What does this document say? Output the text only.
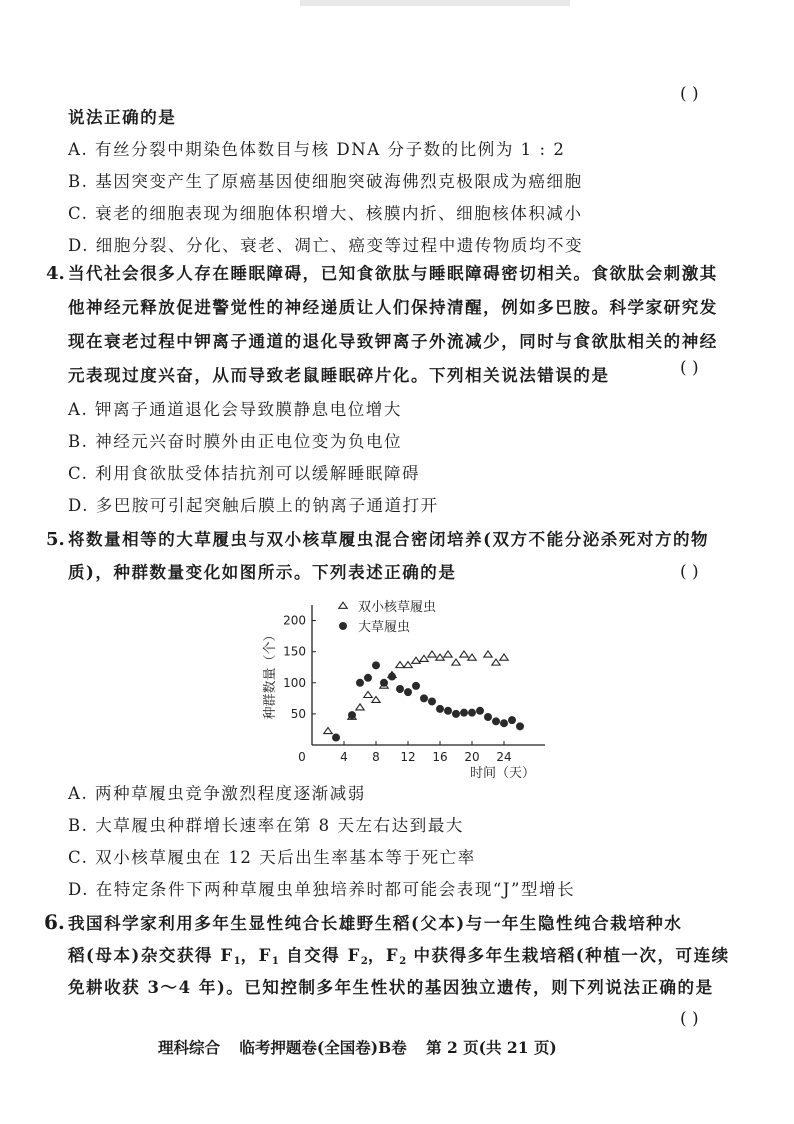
( )
说法正确的是
A. 有丝分裂中期染色体数目与核 DNA 分子数的比例为 1 : 2
B. 基因突变产生了原癌基因使细胞突破海佛烈克极限成为癌细胞
C. 衰老的细胞表现为细胞体积增大、核膜内折、细胞核体积减小
D. 细胞分裂、分化、衰老、凋亡、癌变等过程中遗传物质均不变
4. 当代社会很多人存在睡眠障碍，已知食欲肽与睡眠障碍密切相关。食欲肽会刺激其
他神经元释放促进警觉性的神经递质让人们保持清醒，例如多巴胺。科学家研究发
现在衰老过程中钾离子通道的退化导致钾离子外流减少，同时与食欲肽相关的神经
元表现过度兴奋，从而导致老鼠睡眠碎片化。下列相关说法错误的是	( )
A. 钾离子通道退化会导致膜静息电位增大
B. 神经元兴奋时膜外由正电位变为负电位
C. 利用食欲肽受体拮抗剂可以缓解睡眠障碍
D. 多巴胺可引起突触后膜上的钠离子通道打开
5. 将数量相等的大草履虫与双小核草履虫混合密闭培养(双方不能分泌杀死对方的物
质)，种群数量变化如图所示。下列表述正确的是	( )
4 8 12 16 20 24
0
50
100
150
200
时间（天）
种群数量（个）
双小核草履虫
大草履虫
A. 两种草履虫竞争激烈程度逐渐减弱
B. 大草履虫种群增长速率在第 8 天左右达到最大
C. 双小核草履虫在 12 天后出生率基本等于死亡率
D. 在特定条件下两种草履虫单独培养时都可能会表现“J”型增长
6. 我国科学家利用多年生显性纯合长雄野生稻(父本)与一年生隐性纯合栽培种水
稻(母本)杂交获得 $F_1$，$F_1$ 自交得 $F_2$，$F_2$ 中获得多年生栽培稻(种植一次，可连续
免耕收获 3～4 年)。已知控制多年生性状的基因独立遗传，则下列说法正确的是
( )
理科综合 临考押题卷(全国卷)B卷 第 2 页(共 21 页)
